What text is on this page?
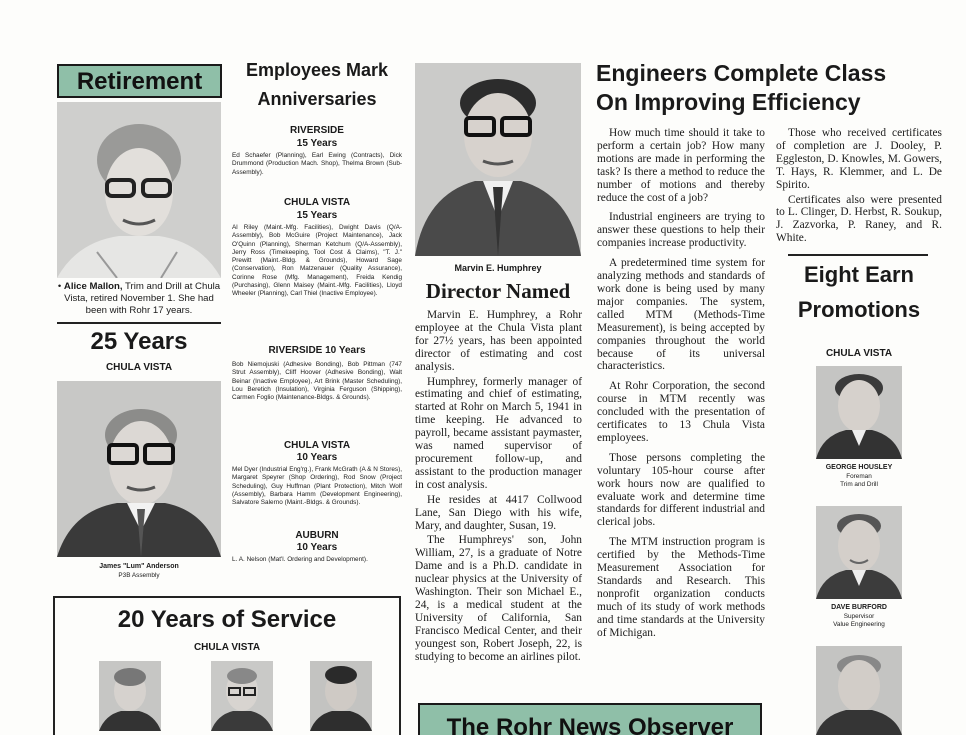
Retirement
• Alice Mallon, Trim and Drill at Chula Vista, retired November 1. She had been with Rohr 17 years.
25 Years
CHULA VISTA
James "Lum" Anderson
P3B Assembly
20 Years of Service
CHULA VISTA
Employees Mark
Anniversaries
RIVERSIDE
15 Years
Ed Schaefer (Planning), Earl Ewing (Contracts), Dick Drummond (Production Mach. Shop), Thelma Brown (Sub-Assembly).
CHULA VISTA
15 Years
Al Riley (Maint.-Mfg. Facilities), Dwight Davis (Q/A-Assembly), Bob McGuire (Project Maintenance), Jack O'Quinn (Planning), Sherman Ketchum (Q/A-Assembly), Jerry Ross (Timekeeping, Tool Cost & Claims), "T. J." Prewitt (Maint.-Bldg. & Grounds), Howard Sage (Conservation), Ron Matzenauer (Quality Assurance), Corinne Rose (Mfg. Management), Freida Kendig (Purchasing), Glenn Maisey (Maint.-Mfg. Facilities), Lloyd Wheeler (Planning), Carl Thiel (Inactive Employee).
RIVERSIDE 10 Years
Bob Niemojuski (Adhesive Bonding), Bob Pittman (747 Strut Assembly), Cliff Hoover (Adhesive Bonding), Walt Beinar (Inactive Employee), Art Brink (Master Scheduling), Lou Beretich (Insulation), Virginia Ferguson (Shipping), Carmen Foglio (Maintenance-Bldgs. & Grounds).
CHULA VISTA
10 Years
Mel Dyer (Industrial Eng'rg.), Frank McGrath (A & N Stores), Margaret Speyrer (Shop Ordering), Rod Snow (Project Scheduling), Guy Huffman (Plant Protection), Mitch Wolf (Assembly), Barbara Hamm (Development Engineering), Salvatore Salerno (Maint.-Bldgs. & Grounds).
AUBURN
10 Years
L. A. Nelson (Mat'l. Ordering and Development).
Marvin E. Humphrey
Director Named

Marvin E. Humphrey, a Rohr employee at the Chula Vista plant for 27½ years, has been appointed director of estimating and cost analysis.

Humphrey, formerly manager of estimating and chief of estimating, started at Rohr on March 5, 1941 in time keeping. He advanced to payroll, became assistant paymaster, was named supervisor of procurement follow-up, and assistant to the production manager in cost analysis.

He resides at 4417 Collwood Lane, San Diego with his wife, Mary, and daughter, Susan, 19.

The Humphreys' son, John William, 27, is a graduate of Notre Dame and is a Ph.D. candidate in nuclear physics at the University of Washington. Their son Michael E., 24, is a medical student at the University of California, San Francisco Medical Center, and their youngest son, Robert Joseph, 22, is studying to become an airlines pilot.

Engineers Complete Class
On Improving Efficiency

How much time should it take to perform a certain job? How many motions are made in performing the task? Is there a method to reduce the number of motions and thereby reduce the cost of a job?

Industrial engineers are trying to answer these questions to help their companies increase productivity.

A predetermined time system for analyzing methods and standards of work done is being used by many major companies. The system, called MTM (Methods-Time Measurement), is being accepted by companies throughout the world because of its universal characteristics.

At Rohr Corporation, the second course in MTM recently was concluded with the presentation of certificates to 13 Chula Vista employees.

Those persons completing the voluntary 105-hour course after work hours now are qualified to evaluate work and determine time standards for different industrial and clerical jobs.

The MTM instruction program is certified by the Methods-Time Measurement Association for Standards and Research. This nonprofit organization conducts much of its study of work methods and time standards at the University of Michigan.

Those who received certificates of completion are J. Dooley, P. Eggleston, D. Knowles, M. Gowers, T. Hays, R. Klemmer, and L. De Spirito.

Certificates also were presented to L. Clinger, D. Herbst, R. Soukup, J. Zazvorka, P. Raney, and R. White.

Eight Earn
Promotions
CHULA VISTA
GEORGE HOUSLEY
Foreman
Trim and Drill
DAVE BURFORD
Supervisor
Value Engineering
The Rohr News Observer
